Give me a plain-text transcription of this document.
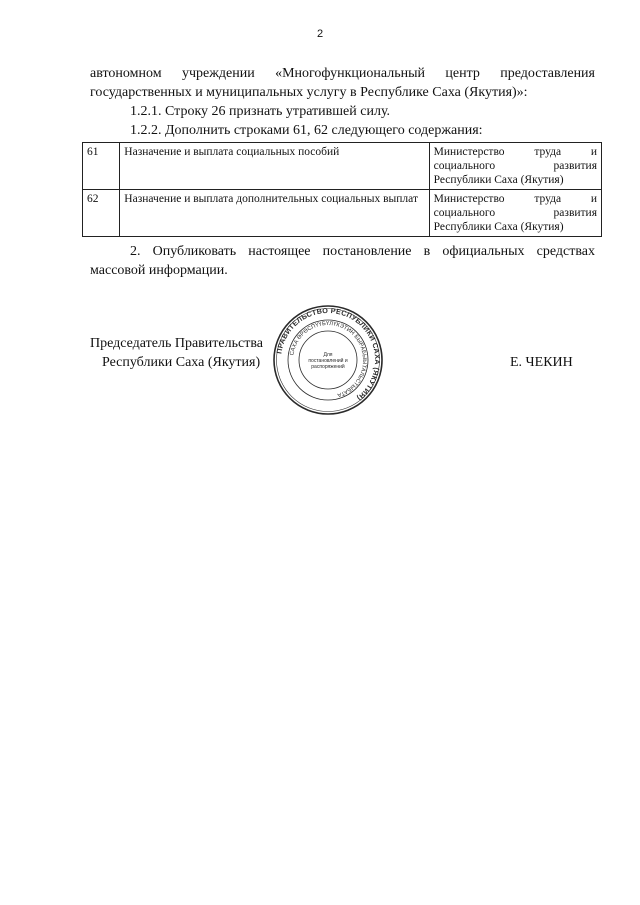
2
автономном учреждении «Многофункциональный центр предоставления
государственных и муниципальных услугу в Республике Саха (Якутия)»:
1.2.1. Строку 26 признать утратившей силу.
1.2.2. Дополнить строками 61, 62 следующего содержания:
61	Назначение и выплата социальных пособий	Министерство труда и
социального развития
Республики Саха (Якутия)

62	Назначение и выплата дополнительных социальных выплат	Министерство труда и
социального развития
Республики Саха (Якутия)
2. Опубликовать настоящее постановление в официальных средствах
массовой информации.
Председатель Правительства
Республики Саха (Якутия)	Е. ЧЕКИН
ПРАВИТЕЛЬСТВО РЕСПУБЛИКИ САХА (ЯКУТИЯ)
САХА ӨРӨСПҮҮБҮЛҮКЭТИН БЫРАБЫЫТАЛЬСТЫБАТА
Для
постановлений и
распоряжений
